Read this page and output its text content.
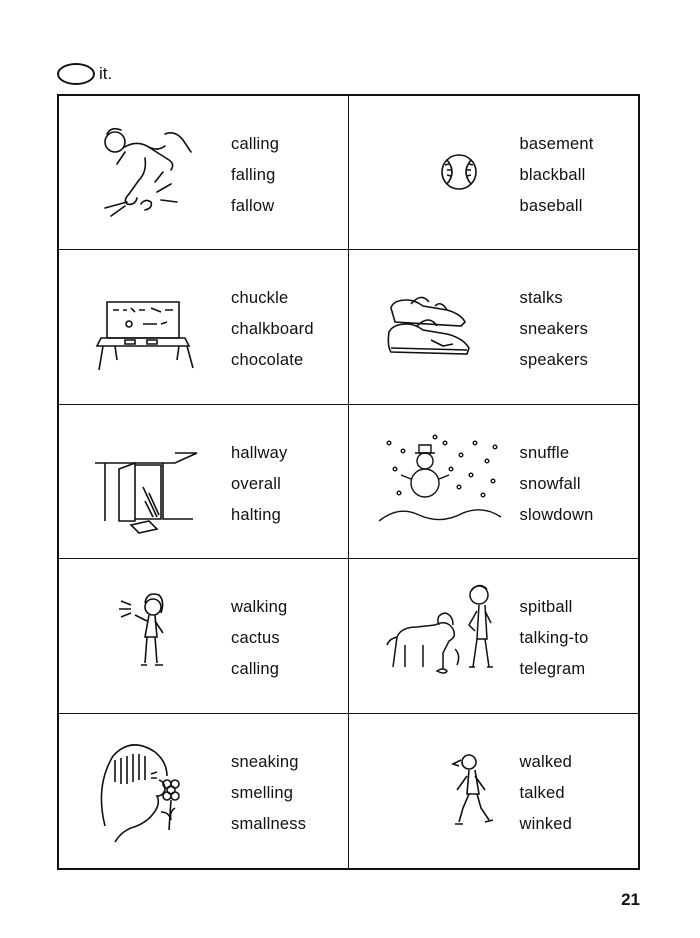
it.
calling
falling
fallow
basement
blackball
baseball
chuckle
chalkboard
chocolate
stalks
sneakers
speakers
hallway
overall
halting
snuffle
snowfall
slowdown
walking
cactus
calling
spitball
talking-to
telegram
sneaking
smelling
smallness
walked
talked
winked
21
